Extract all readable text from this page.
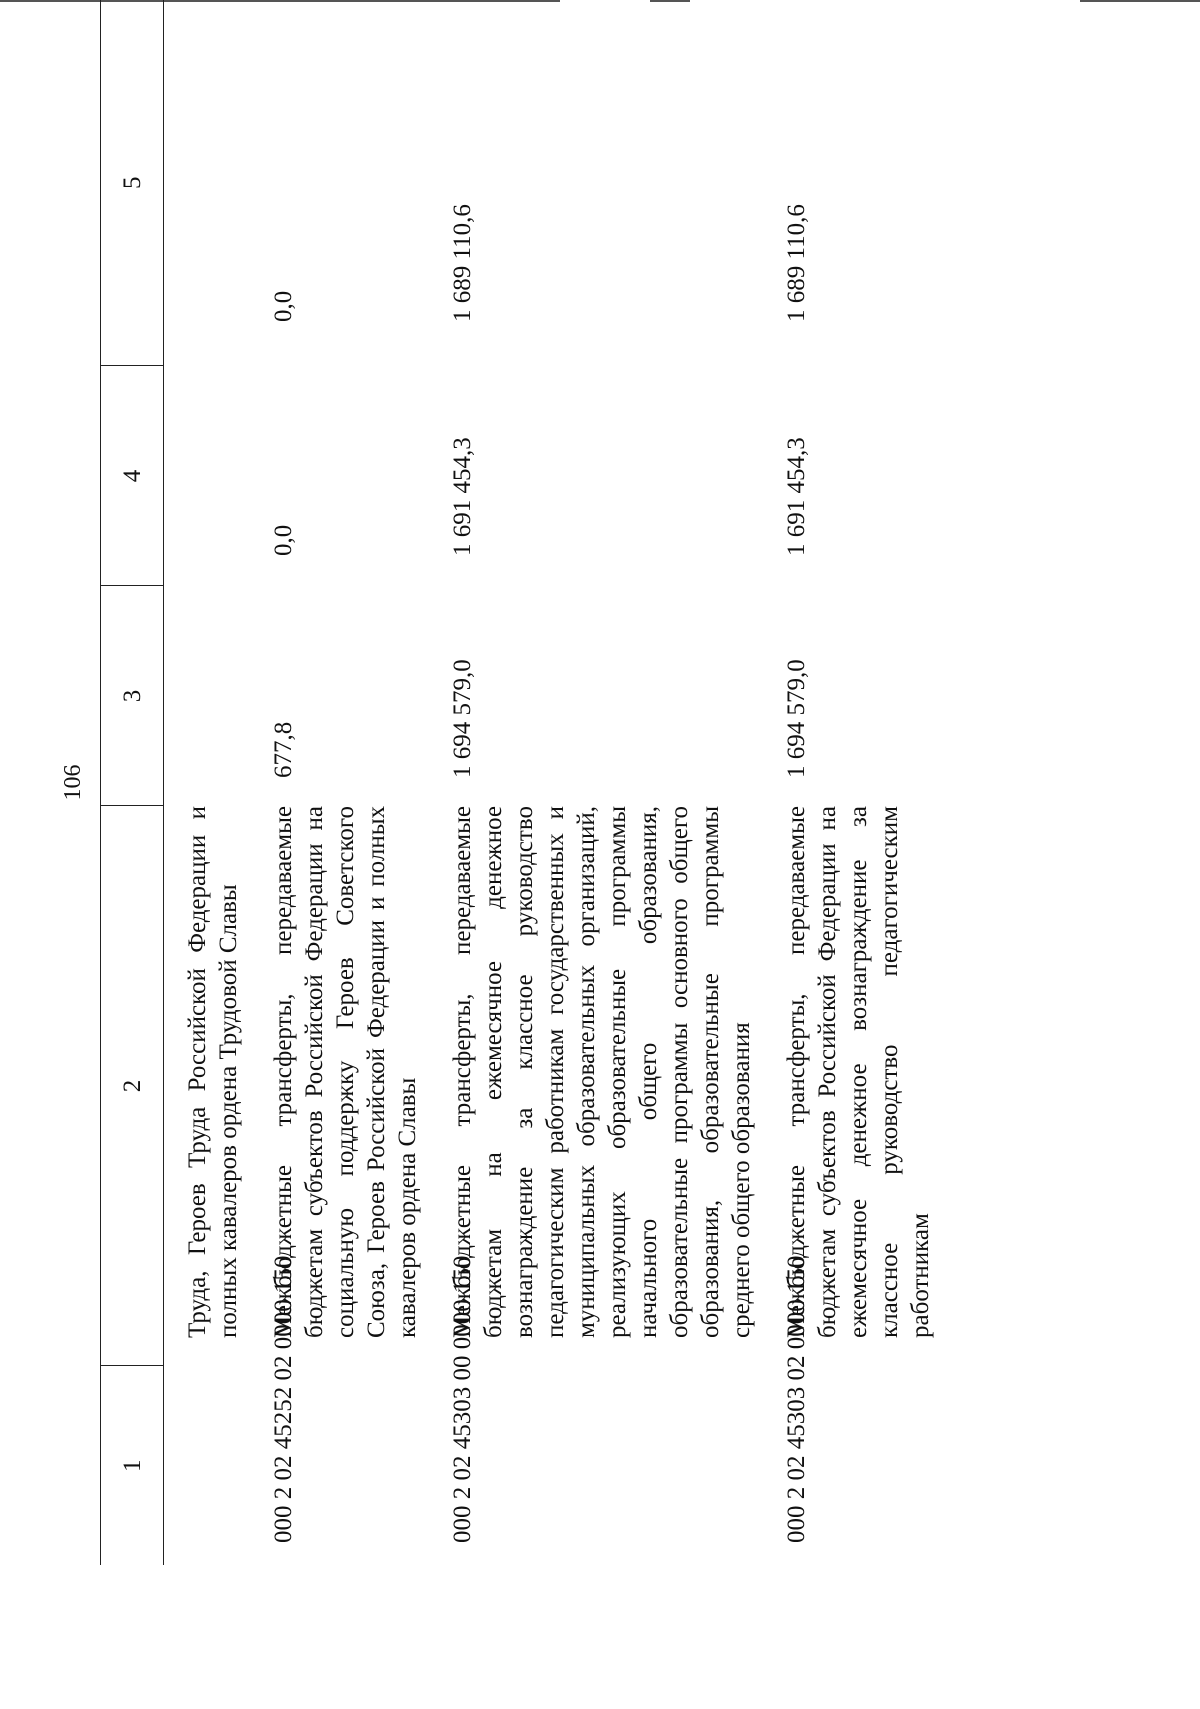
106
1	2	3	4	5

	Труда, Героев Труда Российской Федерации и полных кавалеров ордена Трудовой Славы			

000 2 02 45252 02 0000 150	Межбюджетные трансферты, передаваемые бюджетам субъектов Российской Федерации на социальную поддержку Героев Советского Союза, Героев Российской Федерации и полных кавалеров ордена Славы	677,8	0,0	0,0
000 2 02 45303 00 0000 150	Межбюджетные трансферты, передаваемые бюджетам на ежемесячное денежное вознаграждение за классное руководство педагогическим работникам государственных и муниципальных образовательных организаций, реализующих образовательные программы начального общего образования, образовательные программы основного общего образования, образовательные программы среднего общего образования	1 694 579,0	1 691 454,3	1 689 110,6
000 2 02 45303 02 0000 150	Межбюджетные трансферты, передаваемые бюджетам субъектов Российской Федерации на ежемесячное денежное вознаграждение за классное руководство педагогическим работникам	1 694 579,0	1 691 454,3	1 689 110,6
